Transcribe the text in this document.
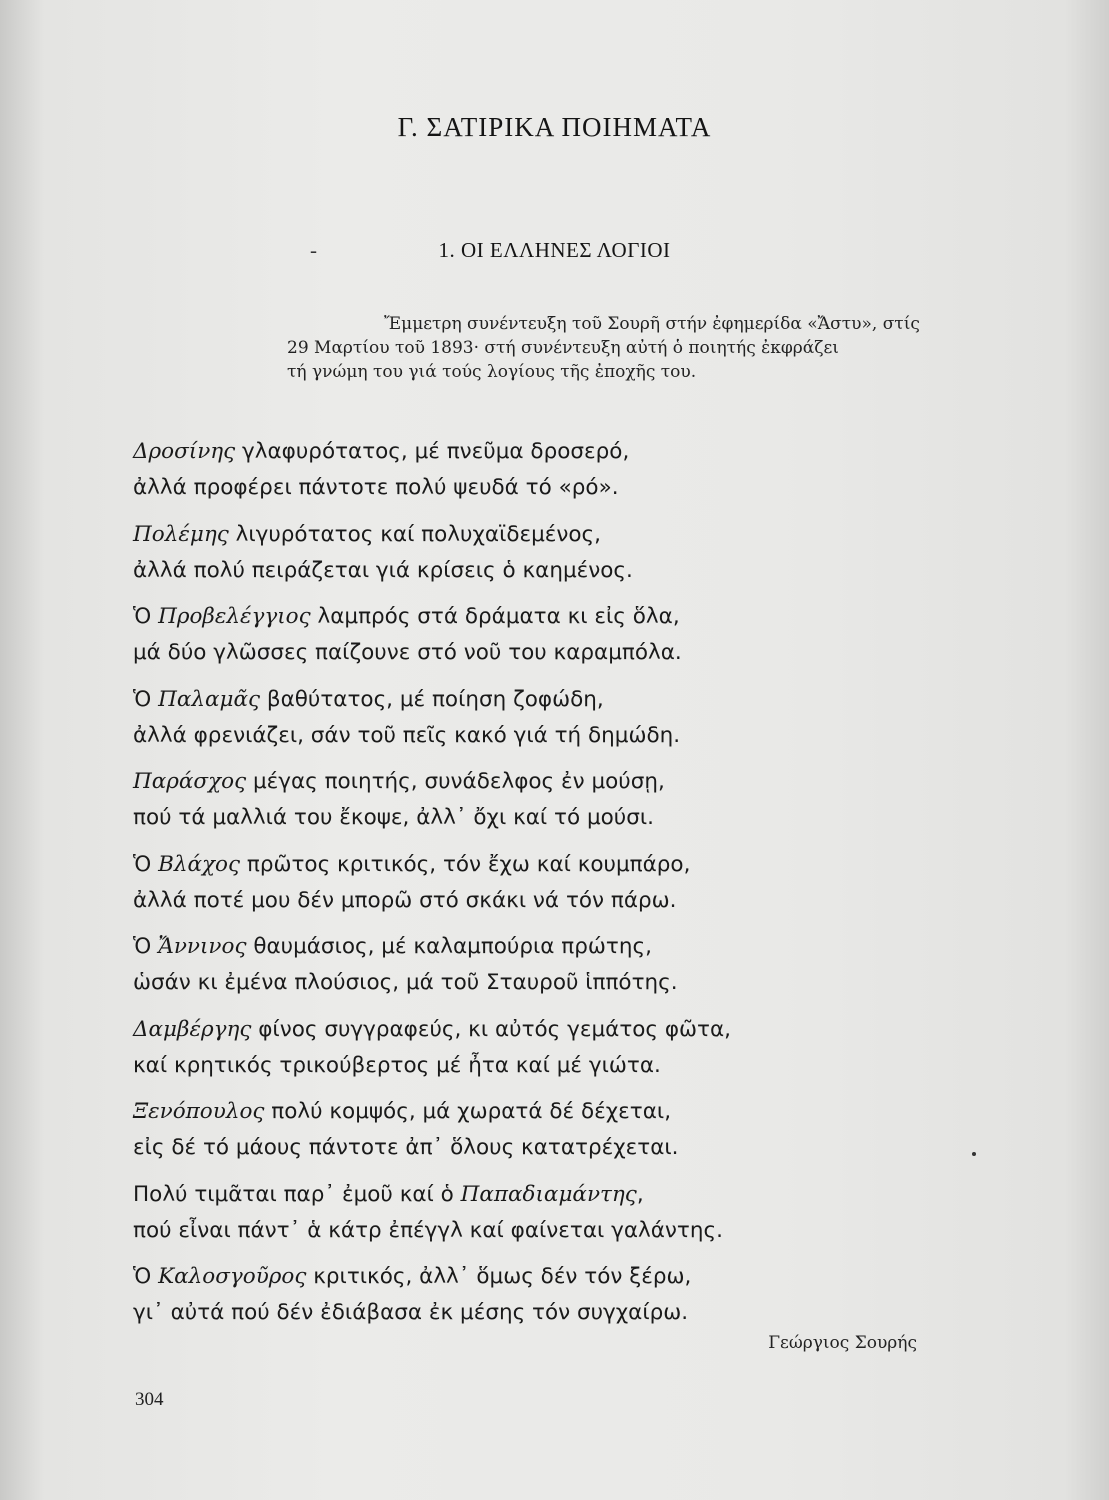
Γ. ΣΑΤΙΡΙΚΑ ΠΟΙΗΜΑΤΑ
-	1. ΟΙ ΕΛΛΗΝΕΣ ΛΟΓΙΟΙ

Ἔμμετρη συνέντευξη τοῦ Σουρῆ στήν ἐφημερίδα «Ἄστυ», στίς

29 Μαρτίου τοῦ 1893· στή συνέντευξη αὐτή ὁ ποιητής ἐκφράζει

τή γνώμη του γιά τούς λογίους τῆς ἐποχῆς του.

Δροσίνης γλαφυρότατος, μέ πνεῦμα δροσερό,
ἀλλά προφέρει πάντοτε πολύ ψευδά τό «ρό».
Πολέμης λιγυρότατος καί πολυχαϊδεμένος,
ἀλλά πολύ πειράζεται γιά κρίσεις ὁ καημένος.
Ὁ Προβελέγγιος λαμπρός στά δράματα κι εἰς ὅλα,
μά δύο γλῶσσες παίζουνε στό νοῦ του καραμπόλα.
Ὁ Παλαμᾶς βαθύτατος, μέ ποίηση ζοφώδη,
ἀλλά φρενιάζει, σάν τοῦ πεῖς κακό γιά τή δημώδη.
Παράσχος μέγας ποιητής, συνάδελφος ἐν μούσῃ,
πού τά μαλλιά του ἔκοψε, ἀλλ᾽ ὄχι καί τό μούσι.
Ὁ Βλάχος πρῶτος κριτικός, τόν ἔχω καί κουμπάρο,
ἀλλά ποτέ μου δέν μπορῶ στό σκάκι νά τόν πάρω.
Ὁ Ἄννινος θαυμάσιος, μέ καλαμπούρια πρώτης,
ὡσάν κι ἐμένα πλούσιος, μά τοῦ Σταυροῦ ἱππότης.
Δαμβέργης φίνος συγγραφεύς, κι αὐτός γεμάτος φῶτα,
καί κρητικός τρικούβερτος μέ ἦτα καί μέ γιώτα.
Ξενόπουλος πολύ κομψός, μά χωρατά δέ δέχεται,
εἰς δέ τό μάους πάντοτε ἀπ᾽ ὅλους κατατρέχεται.
Πολύ τιμᾶται παρ᾽ ἐμοῦ καί ὁ Παπαδιαμάντης,
πού εἶναι πάντ᾽ ἁ κάτρ ἐπέγγλ καί φαίνεται γαλάντης.
Ὁ Καλοσγοῦρος κριτικός, ἀλλ᾽ ὅμως δέν τόν ξέρω,
γι᾽ αὐτά πού δέν ἐδιάβασα ἐκ μέσης τόν συγχαίρω.
Γεώργιος Σουρής
304
